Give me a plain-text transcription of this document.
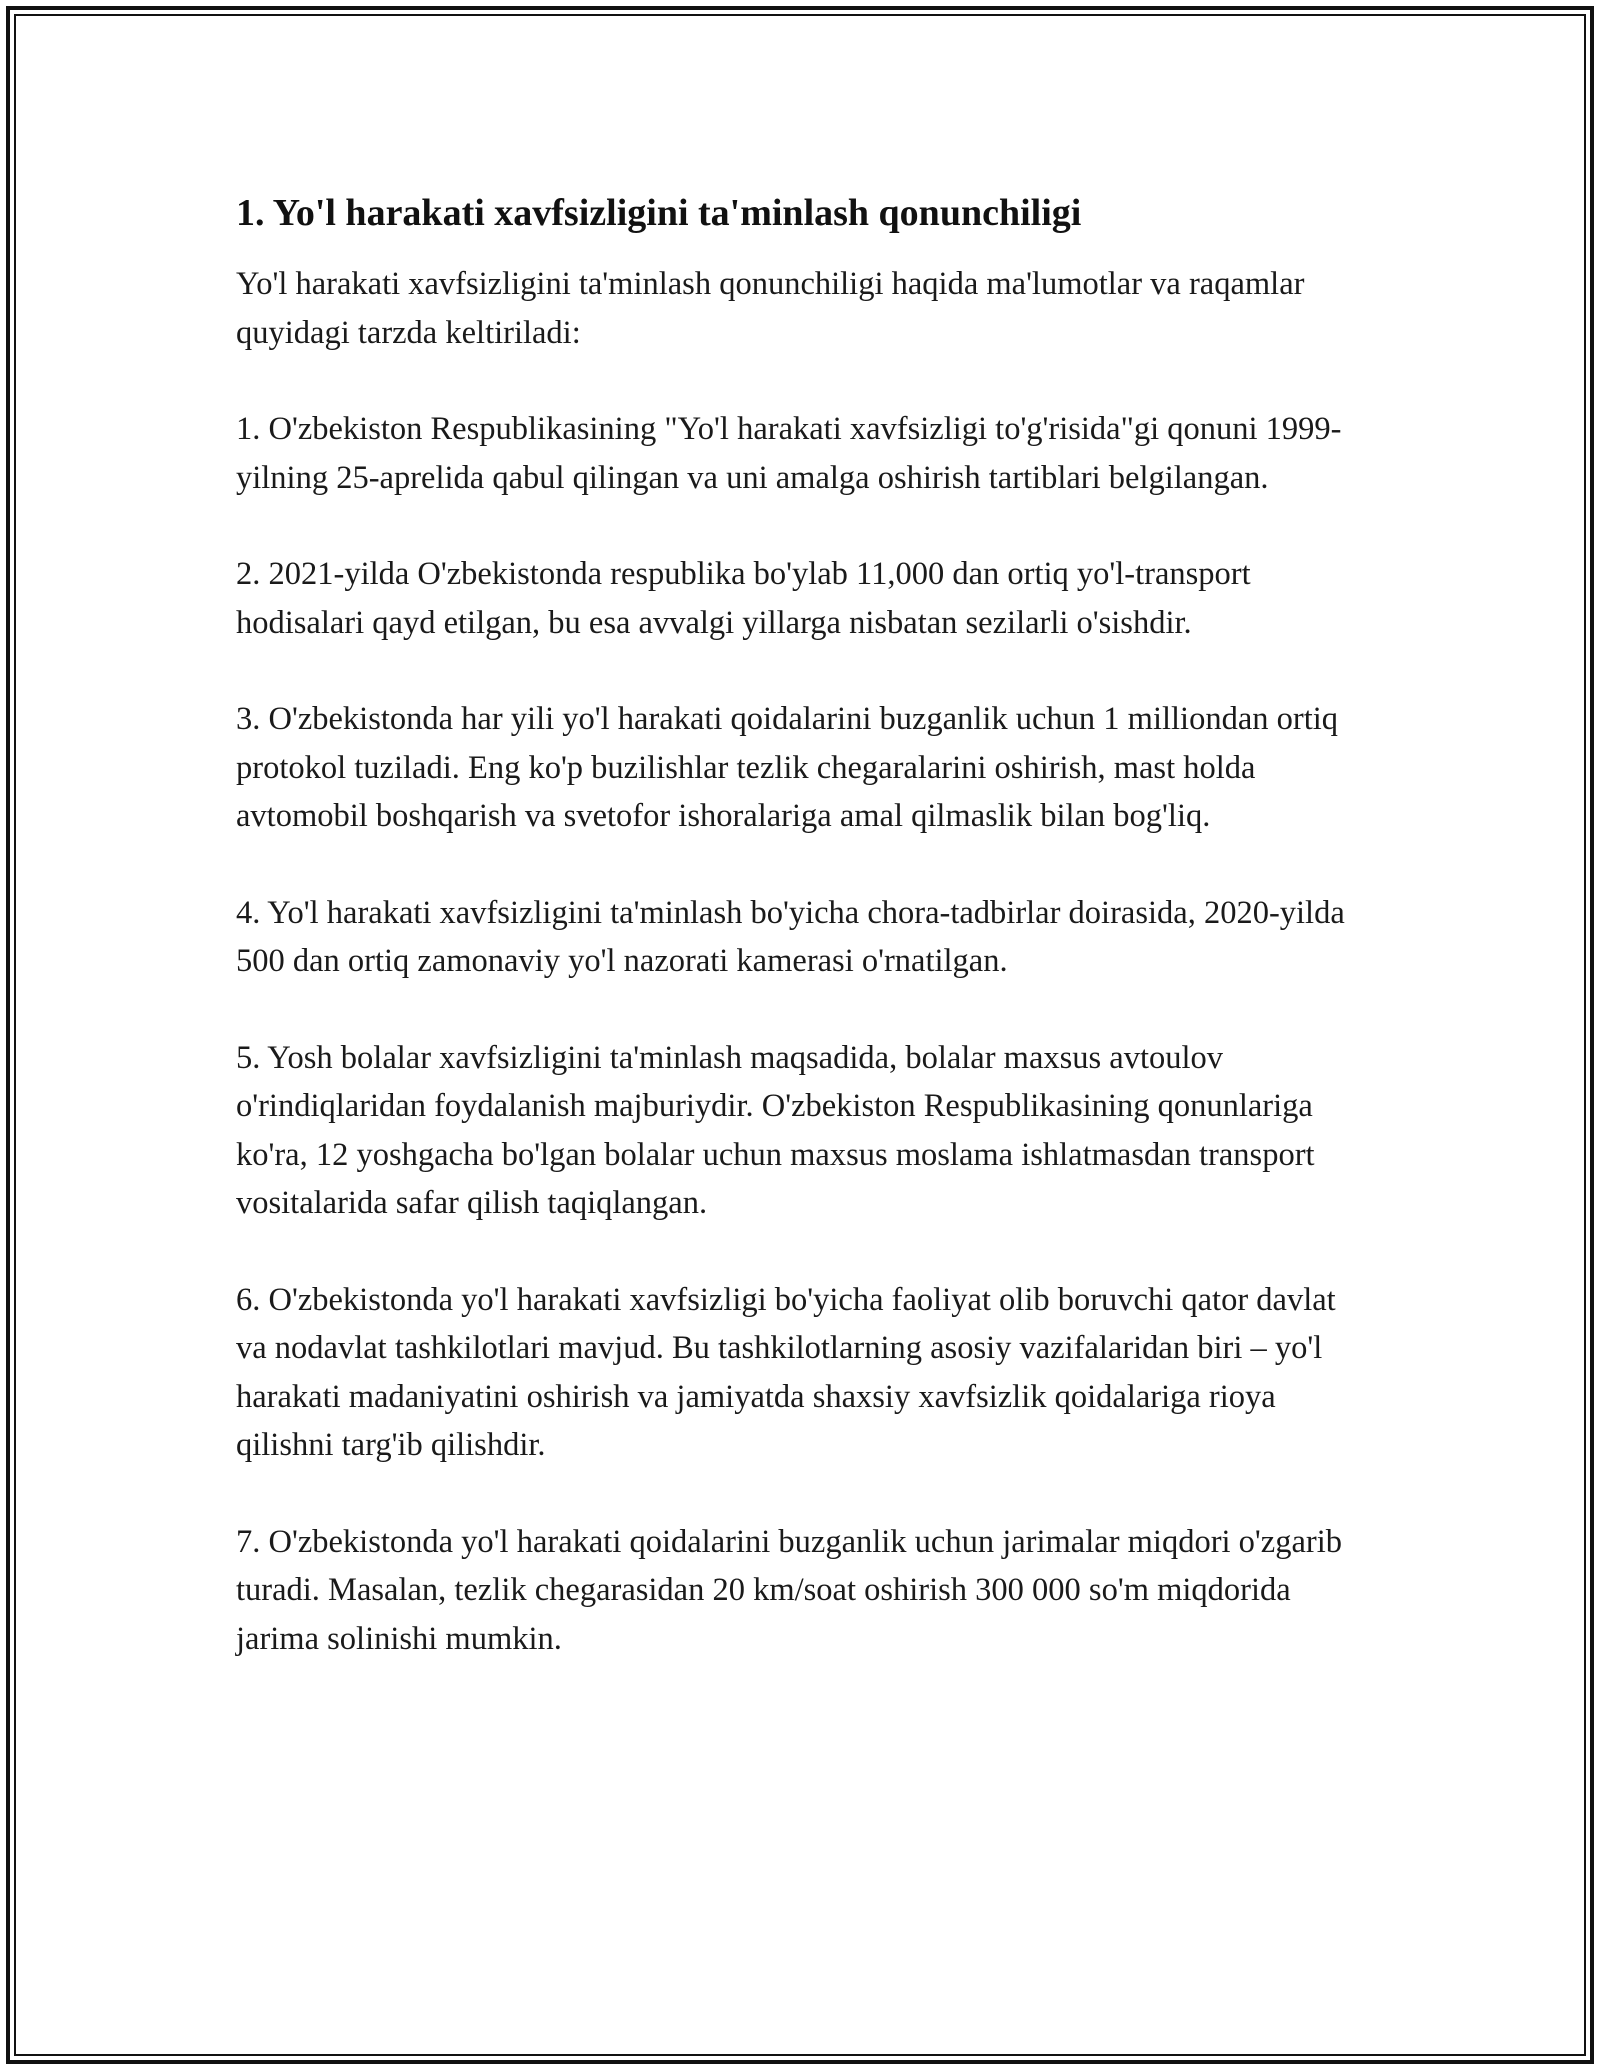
1. Yo'l harakati xavfsizligini ta'minlash qonunchiligi

Yo'l harakati xavfsizligini ta'minlash qonunchiligi haqida ma'lumotlar va raqamlar quyidagi tarzda keltiriladi:

1. O'zbekiston Respublikasining "Yo'l harakati xavfsizligi to'g'risida"gi qonuni 1999-yilning 25-aprelida qabul qilingan va uni amalga oshirish tartiblari belgilangan.

2. 2021-yilda O'zbekistonda respublika bo'ylab 11,000 dan ortiq yo'l-transport hodisalari qayd etilgan, bu esa avvalgi yillarga nisbatan sezilarli o'sishdir.

3. O'zbekistonda har yili yo'l harakati qoidalarini buzganlik uchun 1 milliondan ortiq protokol tuziladi. Eng ko'p buzilishlar tezlik chegaralarini oshirish, mast holda avtomobil boshqarish va svetofor ishoralariga amal qilmaslik bilan bog'liq.

4. Yo'l harakati xavfsizligini ta'minlash bo'yicha chora-tadbirlar doirasida, 2020-yilda 500 dan ortiq zamonaviy yo'l nazorati kamerasi o'rnatilgan.

5. Yosh bolalar xavfsizligini ta'minlash maqsadida, bolalar maxsus avtoulov o'rindiqlaridan foydalanish majburiydir. O'zbekiston Respublikasining qonunlariga ko'ra, 12 yoshgacha bo'lgan bolalar uchun maxsus moslama ishlatmasdan transport vositalarida safar qilish taqiqlangan.

6. O'zbekistonda yo'l harakati xavfsizligi bo'yicha faoliyat olib boruvchi qator davlat va nodavlat tashkilotlari mavjud. Bu tashkilotlarning asosiy vazifalaridan biri – yo'l harakati madaniyatini oshirish va jamiyatda shaxsiy xavfsizlik qoidalariga rioya qilishni targ'ib qilishdir.

7. O'zbekistonda yo'l harakati qoidalarini buzganlik uchun jarimalar miqdori o'zgarib turadi. Masalan, tezlik chegarasidan 20 km/soat oshirish 300 000 so'm miqdorida jarima solinishi mumkin.
